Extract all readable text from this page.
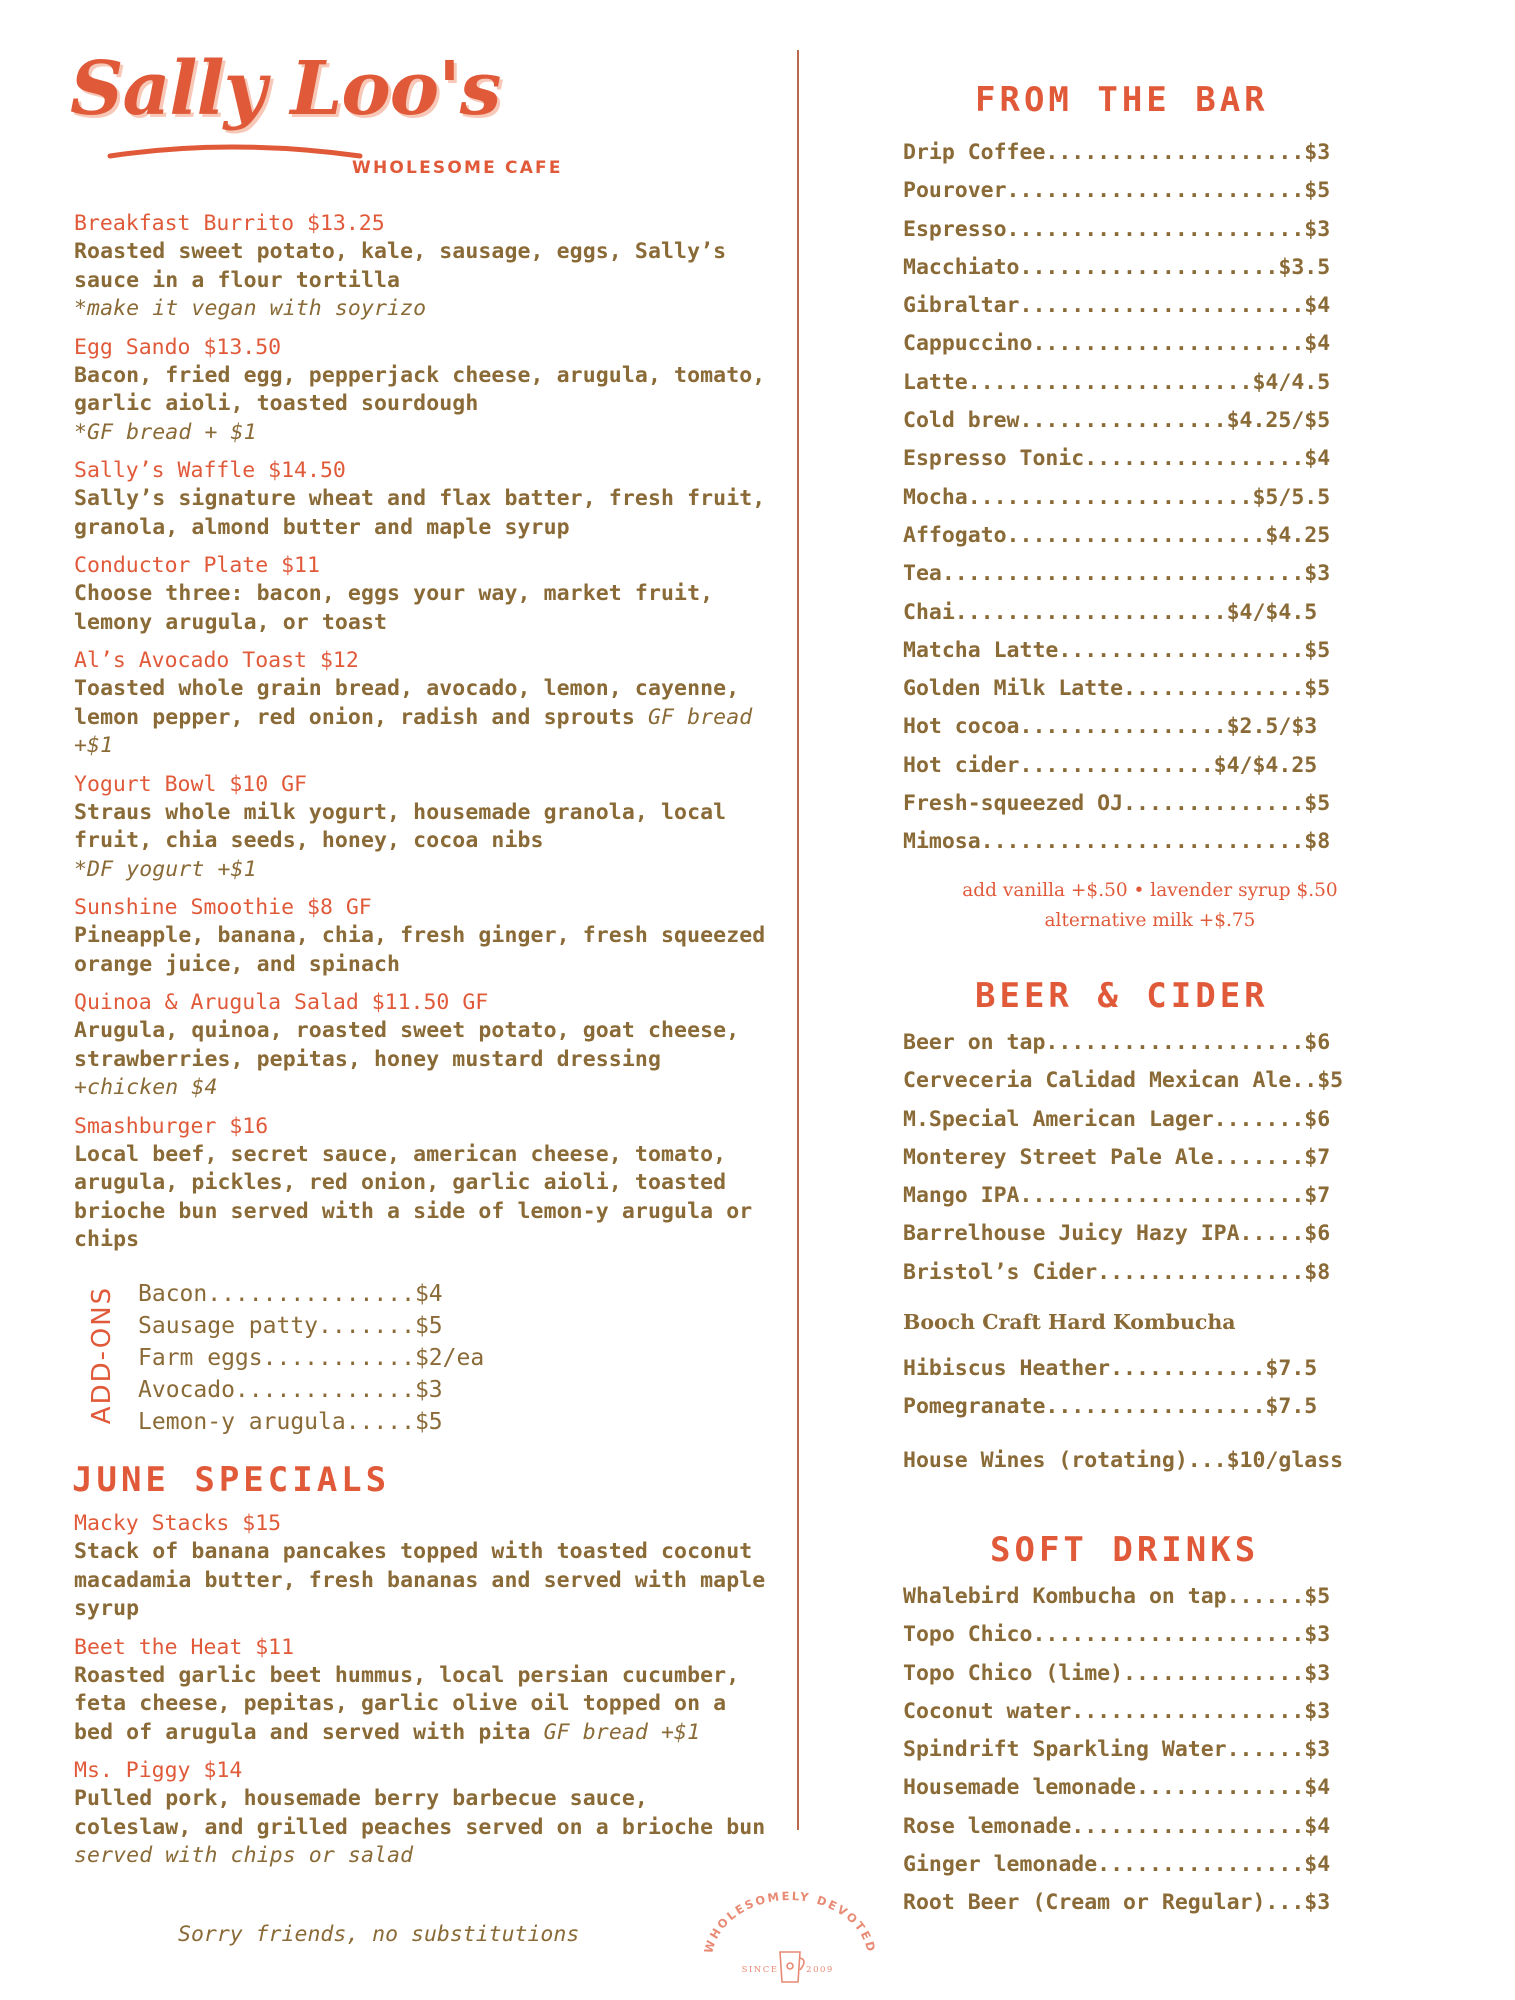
Sally Loo's
WHOLESOME CAFE
Breakfast Burrito $13.25
Roasted sweet potato, kale, sausage, eggs, Sally’s sauce in a flour tortilla
*make it vegan with soyrizo
Egg Sando $13.50
Bacon, fried egg, pepperjack cheese, arugula, tomato, garlic aioli, toasted sourdough
*GF bread + $1
Sally’s Waffle $14.50
Sally’s signature wheat and flax batter, fresh fruit, granola, almond butter and maple syrup
Conductor Plate $11
Choose three: bacon, eggs your way, market fruit, lemony arugula, or toast
Al’s Avocado Toast $12
Toasted whole grain bread, avocado, lemon, cayenne, lemon pepper, red onion, radish and sprouts GF bread +$1
Yogurt Bowl $10 GF
Straus whole milk yogurt, housemade granola, local fruit, chia seeds, honey, cocoa nibs
*DF yogurt +$1
Sunshine Smoothie $8 GF
Pineapple, banana, chia, fresh ginger, fresh squeezed orange juice, and spinach
Quinoa & Arugula Salad $11.50 GF
Arugula, quinoa, roasted sweet potato, goat cheese, strawberries, pepitas, honey mustard dressing +chicken $4
Smashburger $16
Local beef, secret sauce, american cheese, tomato, arugula, pickles, red onion, garlic aioli, toasted brioche bun served with a side of lemon-y arugula or chips
ADD-ONS Bacon...............$4
Sausage patty.......$5
Farm eggs...........$2/ea
Avocado.............$3
Lemon-y arugula.....$5
JUNE SPECIALS
Macky Stacks $15
Stack of banana pancakes topped with toasted coconut macadamia butter, fresh bananas and served with maple syrup
Beet the Heat $11
Roasted garlic beet hummus, local persian cucumber, feta cheese, pepitas, garlic olive oil topped on a bed of arugula and served with pita GF bread +$1
Ms. Piggy $14
Pulled pork, housemade berry barbecue sauce, coleslaw, and grilled peaches served on a brioche bun served with chips or salad
Sorry friends, no substitutions	WHOLESOMELY DEVOTED
SINCE	2009
FROM THE BAR
Drip Coffee....................$3
Pourover.......................$5
Espresso.......................$3
Macchiato....................$3.5
Gibraltar......................$4
Cappuccino.....................$4
Latte......................$4/4.5
Cold brew................$4.25/$5
Espresso Tonic.................$4
Mocha......................$5/5.5
Affogato....................$4.25
Tea............................$3
Chai.....................$4/$4.5
Matcha Latte...................$5
Golden Milk Latte..............$5
Hot cocoa................$2.5/$3
Hot cider...............$4/$4.25
Fresh-squeezed OJ..............$5
Mimosa.........................$8
add vanilla +$.50 • lavender syrup $.50
alternative milk +$.75
BEER & CIDER
Beer on tap....................$6
Cerveceria Calidad Mexican Ale..$5
M.Special American Lager.......$6
Monterey Street Pale Ale.......$7
Mango IPA......................$7
Barrelhouse Juicy Hazy IPA.....$6
Bristol’s Cider................$8
Booch Craft Hard Kombucha
Hibiscus Heather............$7.5
Pomegranate.................$7.5
House Wines (rotating)...$10/glass
SOFT DRINKS
Whalebird Kombucha on tap......$5
Topo Chico.....................$3
Topo Chico (lime)..............$3
Coconut water..................$3
Spindrift Sparkling Water......$3
Housemade lemonade.............$4
Rose lemonade..................$4
Ginger lemonade................$4
Root Beer (Cream or Regular)...$3
